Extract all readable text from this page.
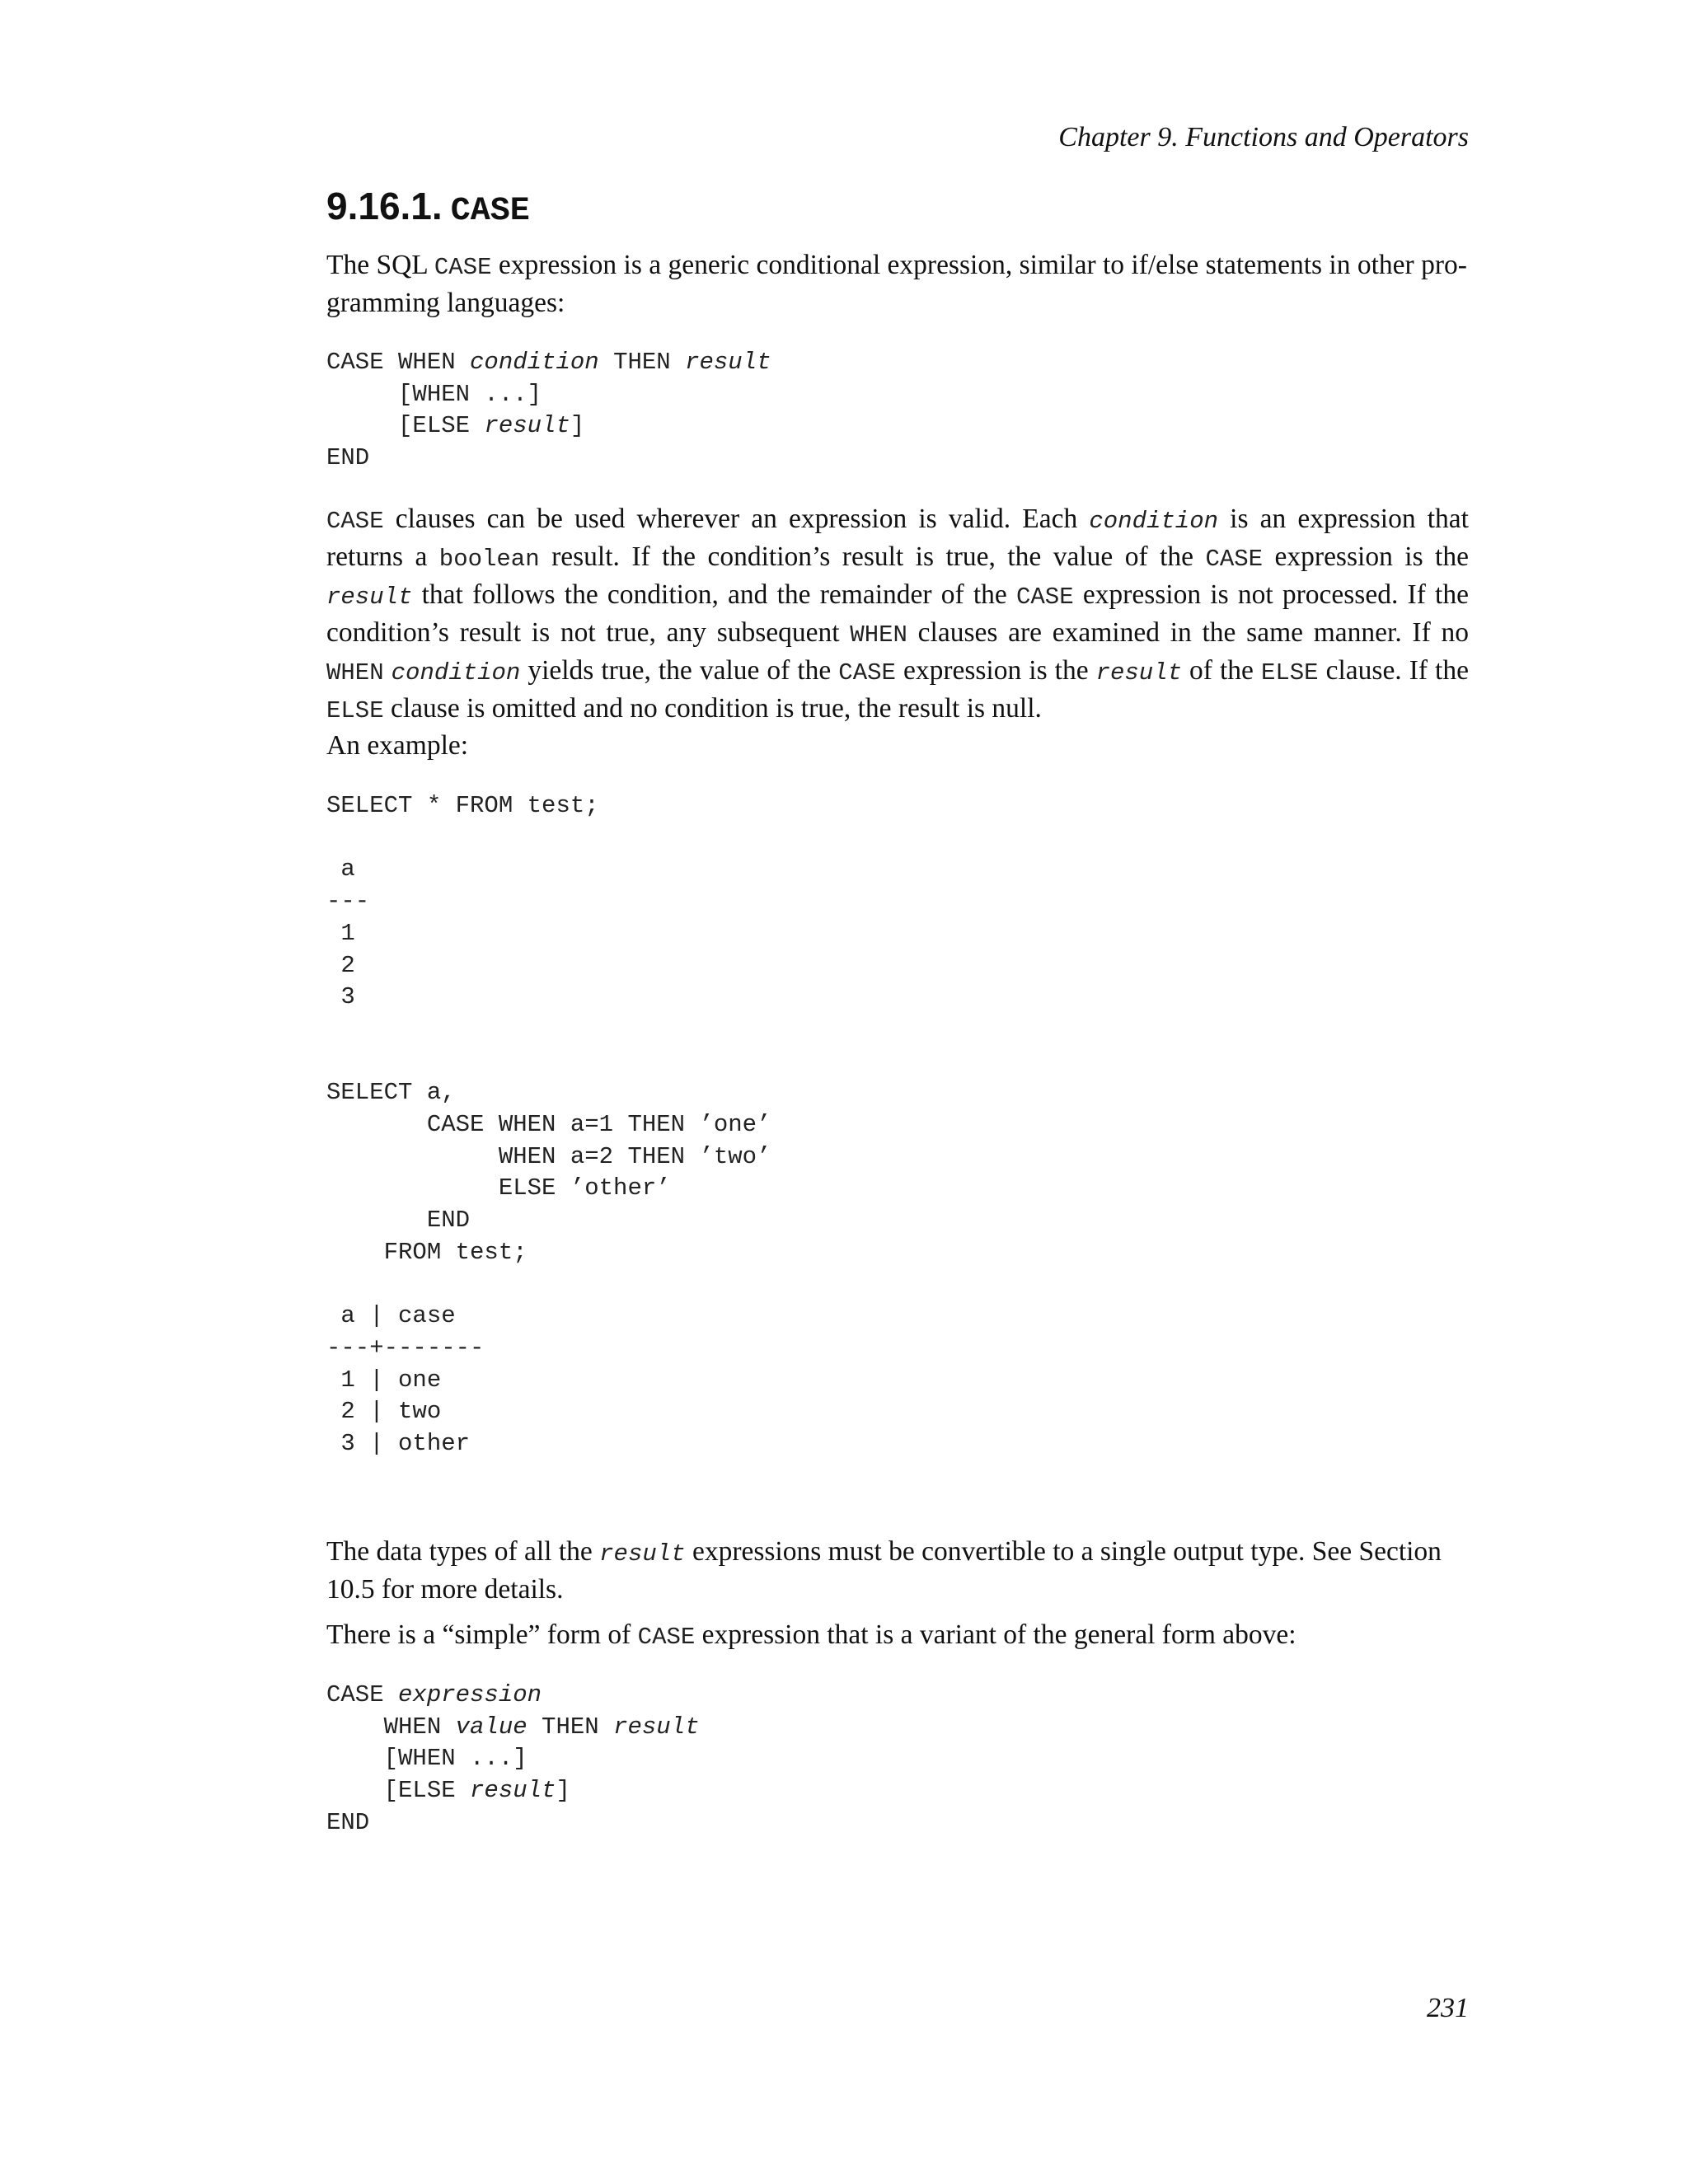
Chapter 9. Functions and Operators
9.16.1. CASE

The SQL CASE expression is a generic conditional expression, similar to if/else statements in other pro-
gramming languages:

CASE WHEN condition THEN result
[WHEN ...]
[ELSE result]
END

CASE clauses can be used wherever an expression is valid. Each condition is an expression that returns a boolean result. If the condition’s result is true, the value of the CASE expression is the result that follows the condition, and the remainder of the CASE expression is not processed. If the condition’s result is not true, any subsequent WHEN clauses are examined in the same manner. If no WHEN condition yields true, the value of the CASE expression is the result of the ELSE clause. If the ELSE clause is omitted and no condition is true, the result is null.

An example:

SELECT * FROM test;

a
---
1
2
3

SELECT a,
CASE WHEN a=1 THEN ’one’
WHEN a=2 THEN ’two’
ELSE ’other’
END
FROM test;

a | case
---+-------
1 | one
2 | two
3 | other

The data types of all the result expressions must be convertible to a single output type. See Section 10.5 for more details.

There is a “simple” form of CASE expression that is a variant of the general form above:

CASE expression
WHEN value THEN result
[WHEN ...]
[ELSE result]
END
231
